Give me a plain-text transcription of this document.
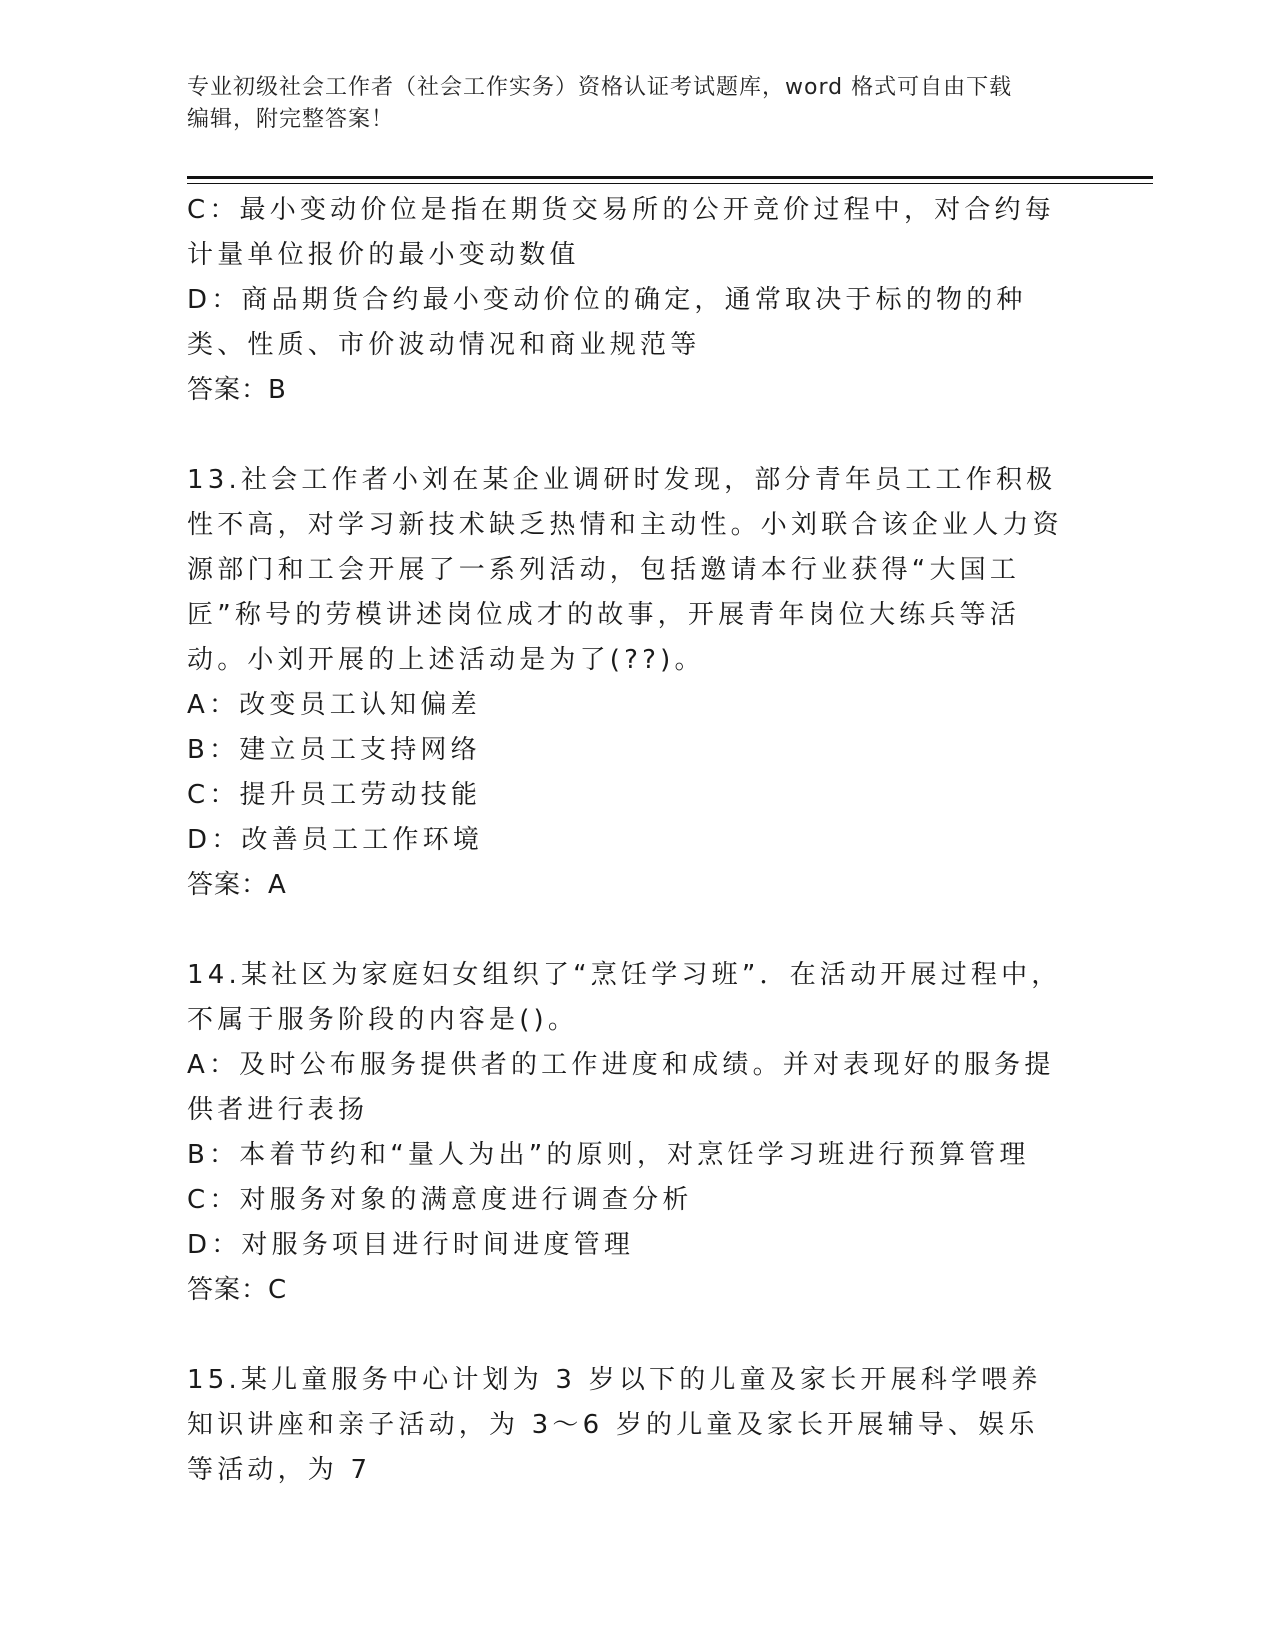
专业初级社会工作者（社会工作实务）资格认证考试题库，word 格式可自由下载
编辑，附完整答案！

C：最小变动价位是指在期货交易所的公开竞价过程中，对合约每计量单位报价的最小变动数值

D：商品期货合约最小变动价位的确定，通常取决于标的物的种类、性质、市价波动情况和商业规范等

答案：B

13.社会工作者小刘在某企业调研时发现，部分青年员工工作积极性不高，对学习新技术缺乏热情和主动性。小刘联合该企业人力资源部门和工会开展了一系列活动，包括邀请本行业获得“大国工匠”称号的劳模讲述岗位成才的故事，开展青年岗位大练兵等活动。小刘开展的上述活动是为了(??)。

A：改变员工认知偏差

B：建立员工支持网络

C：提升员工劳动技能

D：改善员工工作环境

答案：A

14.某社区为家庭妇女组织了“烹饪学习班”．在活动开展过程中，不属于服务阶段的内容是()。

A：及时公布服务提供者的工作进度和成绩。并对表现好的服务提供者进行表扬

B：本着节约和“量人为出”的原则，对烹饪学习班进行预算管理

C：对服务对象的满意度进行调查分析

D：对服务项目进行时间进度管理

答案：C

15.某儿童服务中心计划为 3 岁以下的儿童及家长开展科学喂养知识讲座和亲子活动，为 3～6 岁的儿童及家长开展辅导、娱乐等活动，为 7
